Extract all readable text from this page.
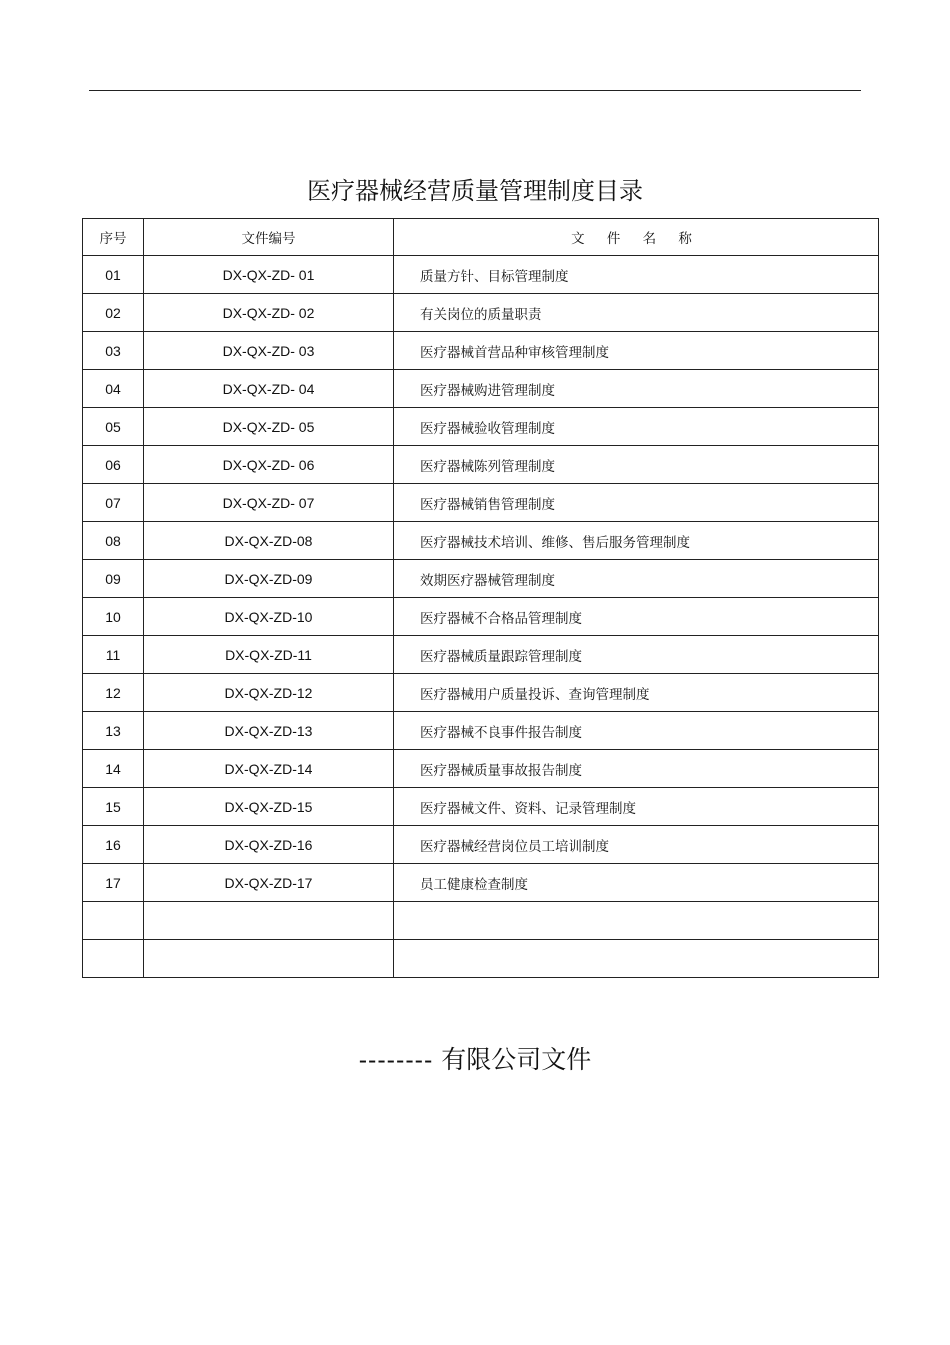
医疗器械经营质量管理制度目录
序号	文件编号	文 件 名 称
01	DX-QX-ZD- 01	质量方针、目标管理制度
02	DX-QX-ZD- 02	有关岗位的质量职责
03	DX-QX-ZD- 03	医疗器械首营品种审核管理制度
04	DX-QX-ZD- 04	医疗器械购进管理制度
05	DX-QX-ZD- 05	医疗器械验收管理制度
06	DX-QX-ZD- 06	医疗器械陈列管理制度
07	DX-QX-ZD- 07	医疗器械销售管理制度
08	DX-QX-ZD-08	医疗器械技术培训、维修、售后服务管理制度
09	DX-QX-ZD-09	效期医疗器械管理制度
10	DX-QX-ZD-10	医疗器械不合格品管理制度
11	DX-QX-ZD-11	医疗器械质量跟踪管理制度
12	DX-QX-ZD-12	医疗器械用户质量投诉、查询管理制度
13	DX-QX-ZD-13	医疗器械不良事件报告制度
14	DX-QX-ZD-14	医疗器械质量事故报告制度
15	DX-QX-ZD-15	医疗器械文件、资料、记录管理制度
16	DX-QX-ZD-16	医疗器械经营岗位员工培训制度
17	DX-QX-ZD-17	员工健康检查制度

-------- 有限公司文件
